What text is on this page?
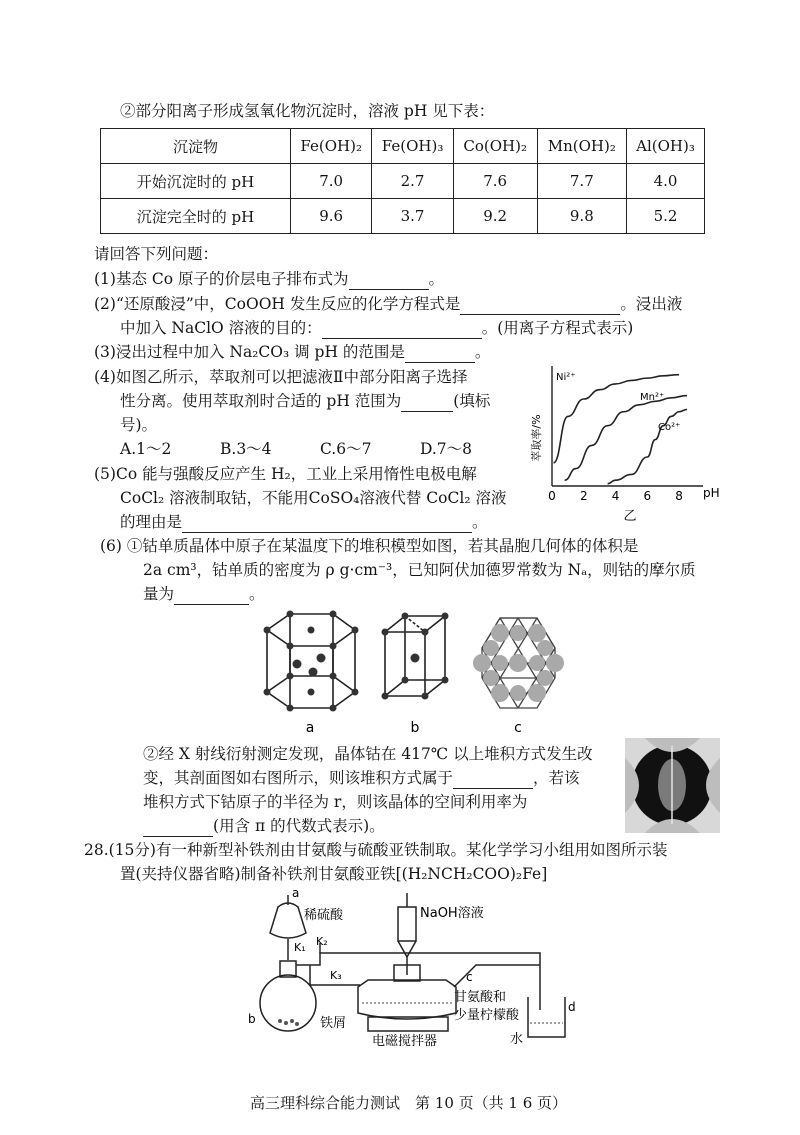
②部分阳离子形成氢氧化物沉淀时，溶液 pH 见下表：
沉淀物	Fe(OH)₂	Fe(OH)₃	Co(OH)₂	Mn(OH)₂	Al(OH)₃
开始沉淀时的 pH	7.0	2.7	7.6	7.7	4.0
沉淀完全时的 pH	9.6	3.7	9.2	9.8	5.2
请回答下列问题：
(1)基态 Co 原子的价层电子排布式为	。
(2)“还原酸浸”中，CoOOH 发生反应的化学方程式是	。浸出液
中加入 NaClO 溶液的目的：	。(用离子方程式表示)
(3)浸出过程中加入 Na₂CO₃ 调 pH 的范围是	。
(4)如图乙所示，萃取剂可以把滤液Ⅱ中部分阳离子选择
性分离。使用萃取剂时合适的 pH 范围为	(填标
号)。
A.1～2	B.3～4	C.6～7	D.7～8
(5)Co 能与强酸反应产生 H₂，工业上采用惰性电极电解
CoCl₂ 溶液制取钴，不能用CoSO₄溶液代替 CoCl₂ 溶液
的理由是	。
0 2 4 6 8
Ni²⁺
Mn²⁺
Co²⁺
pH
萃取率/%
乙
(6) ①钴单质晶体中原子在某温度下的堆积模型如图，若其晶胞几何体的体积是
2a cm³，钴单质的密度为 ρ g·cm⁻³，已知阿伏加德罗常数为 Nₐ，则钴的摩尔质
量为	。
a	b	c
②经 X 射线衍射测定发现，晶体钴在 417℃ 以上堆积方式发生改
变，其剖面图如右图所示，则该堆积方式属于	，若该
堆积方式下钴原子的半径为 r，则该晶体的空间利用率为
(用含 π 的代数式表示)。
28.(15分)有一种新型补铁剂由甘氨酸与硫酸亚铁制取。某化学学习小组用如图所示装
置(夹持仪器省略)制备补铁剂甘氨酸亚铁[(H₂NCH₂COO)₂Fe]
a
稀硫酸
K₁ K₂
K₃
b	铁屑
NaOH溶液
c
甘氨酸和
少量柠檬酸
电磁搅拌器	水
d
高三理科综合能力测试　第 10 页（共 1 6 页）
